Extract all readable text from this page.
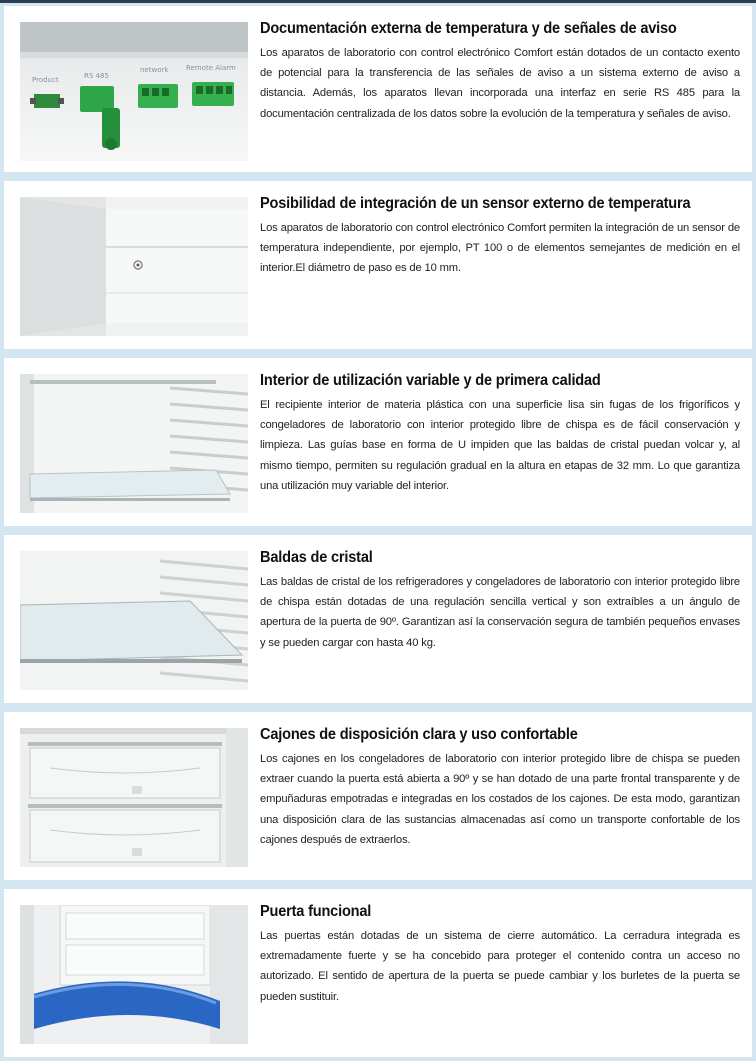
Product	RS 485
network	Remote Alarm
Documentación externa de temperatura y de señales de aviso

Los aparatos de laboratorio con control electrónico Comfort están dotados de un contacto exento de potencial para la transferencia de las señales de aviso a un sistema externo de aviso a distancia. Además, los aparatos llevan incorporada una interfaz en serie RS 485 para la documentación centralizada de los datos sobre la evolución de la temperatura y señales de aviso.

Posibilidad de integración de un sensor externo de temperatura

Los aparatos de laboratorio con control electrónico Comfort permiten la integración de un sensor de temperatura independiente, por ejemplo, PT 100 o de elementos semejantes de medición en el interior.El diámetro de paso es de 10 mm.

Interior de utilización variable y de primera calidad

El recipiente interior de materia plástica con una superficie lisa sin fugas de los frigoríficos y congeladores de laboratorio con interior protegido libre de chispa es de fácil conservación y limpieza. Las guías base en forma de U impiden que las baldas de cristal puedan volcar y, al mismo tiempo, permiten su regulación gradual en la altura en etapas de 32 mm. Lo que garantiza una utilización muy variable del interior.

Baldas de cristal

Las baldas de cristal de los refrigeradores y congeladores de laboratorio con interior protegido libre de chispa están dotadas de una regulación sencilla vertical y son extraíbles a un ángulo de apertura de la puerta de 90º. Garantizan así la conservación segura de también pequeños envases y se pueden cargar con hasta 40 kg.

Cajones de disposición clara y uso confortable

Los cajones en los congeladores de laboratorio con interior protegido libre de chispa se pueden extraer cuando la puerta está abierta a 90º y se han dotado de una parte frontal transparente y de empuñaduras empotradas e integradas en los costados de los cajones. De esta modo, garantizan una disposición clara de las sustancias almacenadas así como un transporte confortable de los cajones después de extraerlos.

Puerta funcional

Las puertas están dotadas de un sistema de cierre automático. La cerradura integrada es extremadamente fuerte y se ha concebido para proteger el contenido contra un acceso no autorizado. El sentido de apertura de la puerta se puede cambiar y los burletes de la puerta se pueden sustituir.
